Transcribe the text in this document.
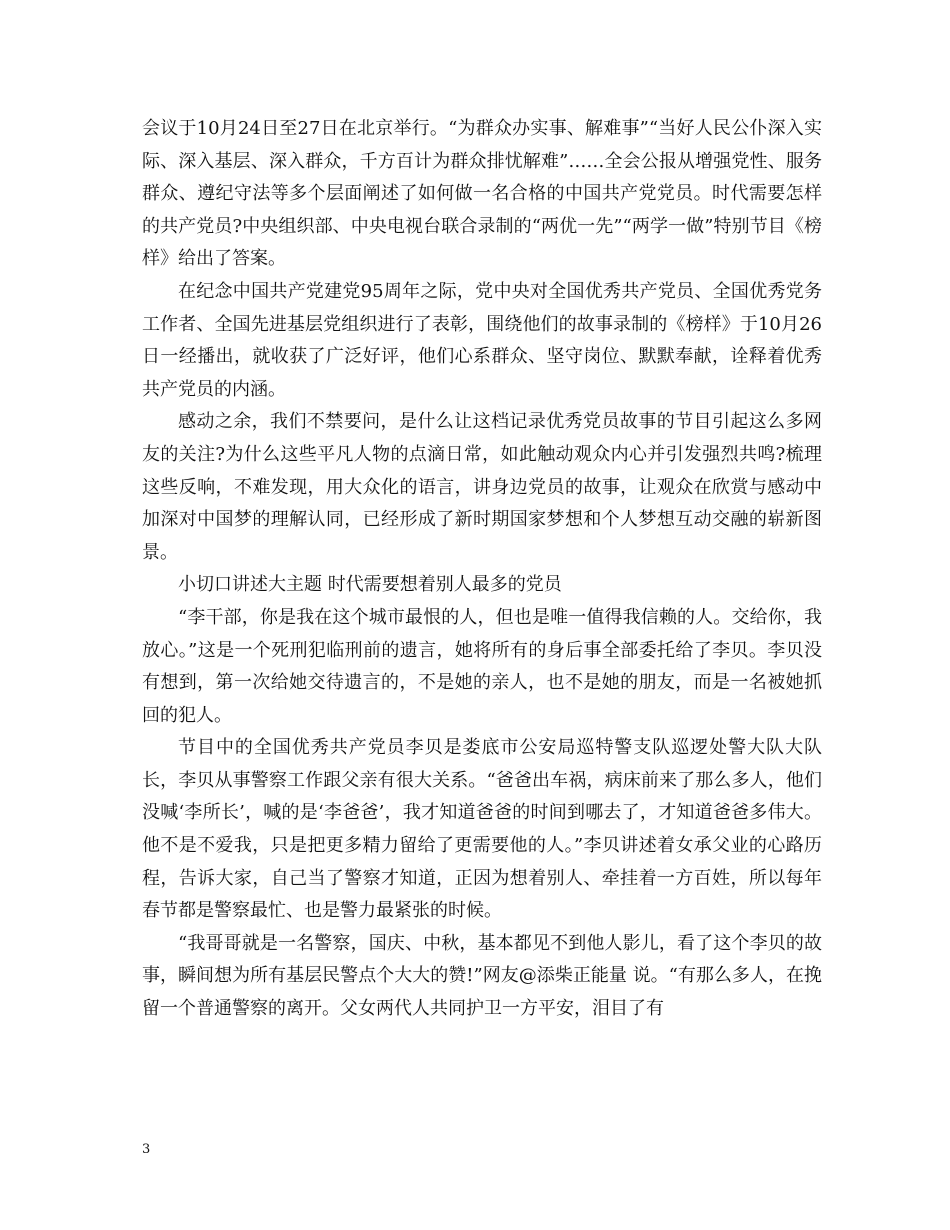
会议于10月24日至27日在北京举行。“为群众办实事、解难事”“当好人民公仆深入实际、深入基层、深入群众，千方百计为群众排忧解难”……全会公报从增强党性、服务群众、遵纪守法等多个层面阐述了如何做一名合格的中国共产党党员。时代需要怎样的共产党员?中央组织部、中央电视台联合录制的“两优一先”“两学一做”特别节目《榜样》给出了答案。

在纪念中国共产党建党95周年之际，党中央对全国优秀共产党员、全国优秀党务工作者、全国先进基层党组织进行了表彰，围绕他们的故事录制的《榜样》于10月26 日一经播出，就收获了广泛好评，他们心系群众、坚守岗位、默默奉献，诠释着优秀共产党员的内涵。

感动之余，我们不禁要问，是什么让这档记录优秀党员故事的节目引起这么多网友的关注?为什么这些平凡人物的点滴日常，如此触动观众内心并引发强烈共鸣?梳理这些反响，不难发现，用大众化的语言，讲身边党员的故事，让观众在欣赏与感动中加深对中国梦的理解认同，已经形成了新时期国家梦想和个人梦想互动交融的崭新图景。

小切口讲述大主题 时代需要想着别人最多的党员

“李干部，你是我在这个城市最恨的人，但也是唯一值得我信赖的人。交给你，我放心。”这是一个死刑犯临刑前的遗言，她将所有的身后事全部委托给了李贝。李贝没有想到，第一次给她交待遗言的，不是她的亲人，也不是她的朋友，而是一名被她抓回的犯人。

节目中的全国优秀共产党员李贝是娄底市公安局巡特警支队巡逻处警大队大队长，李贝从事警察工作跟父亲有很大关系。“爸爸出车祸，病床前来了那么多人，他们没喊‘李所长’，喊的是‘李爸爸’，我才知道爸爸的时间到哪去了，才知道爸爸多伟大。他不是不爱我，只是把更多精力留给了更需要他的人。”李贝讲述着女承父业的心路历程，告诉大家，自己当了警察才知道，正因为想着别人、牵挂着一方百姓，所以每年春节都是警察最忙、也是警力最紧张的时候。

“我哥哥就是一名警察，国庆、中秋，基本都见不到他人影儿，看了这个李贝的故事，瞬间想为所有基层民警点个大大的赞!”网友@添柴正能量 说。“有那么多人，在挽留一个普通警察的离开。父女两代人共同护卫一方平安，泪目了有

3
